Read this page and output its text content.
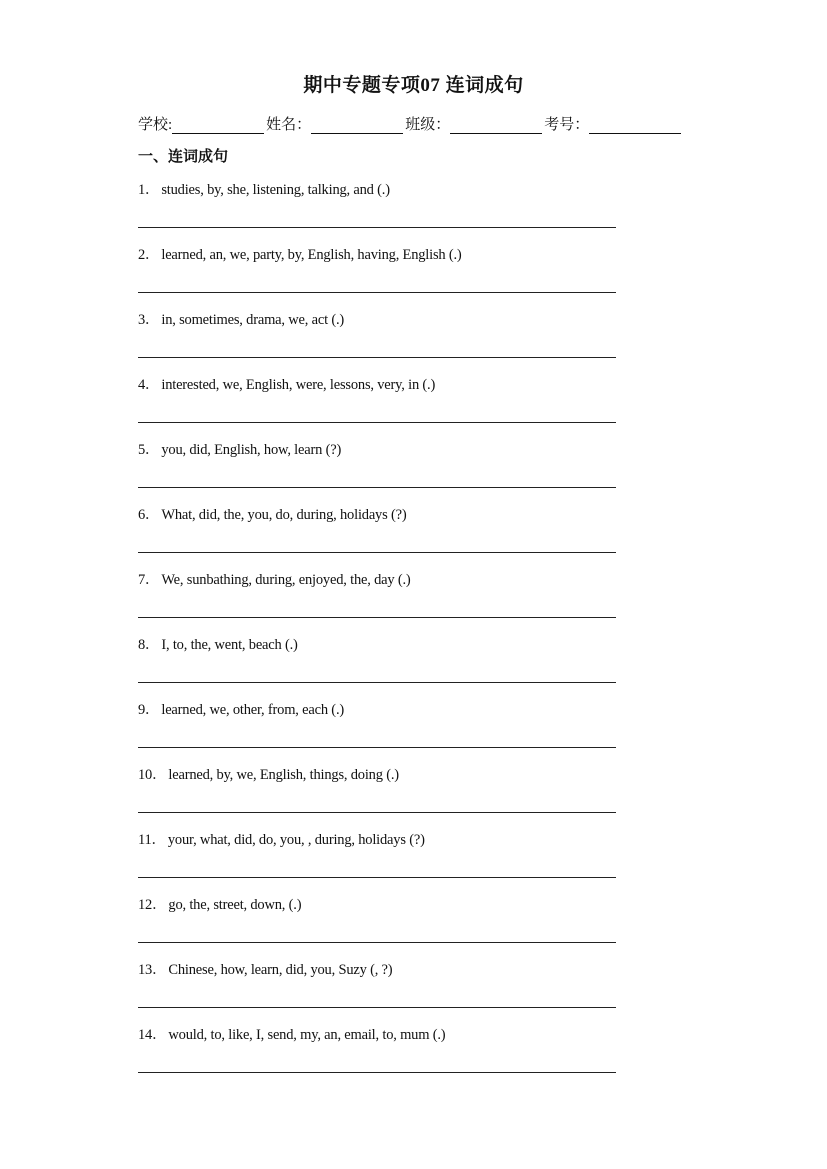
期中专题专项07 连词成句
学校:	姓名：	班级：	考号：
一、连词成句
1． studies, by, she, listening, talking, and (.)
2． learned, an, we, party, by, English, having, English (.)
3． in, sometimes, drama, we, act (.)
4． interested, we, English, were, lessons, very, in (.)
5． you, did, English, how, learn (?)
6． What, did, the, you, do, during, holidays (?)
7． We, sunbathing, during, enjoyed, the, day (.)
8． I, to, the, went, beach (.)
9． learned, we, other, from, each (.)
10． learned, by, we, English, things, doing (.)
11． your, what, did, do, you, , during, holidays (?)
12． go, the, street, down, (.)
13． Chinese, how, learn, did, you, Suzy (, ?)
14． would, to, like, I, send, my, an, email, to, mum (.)
